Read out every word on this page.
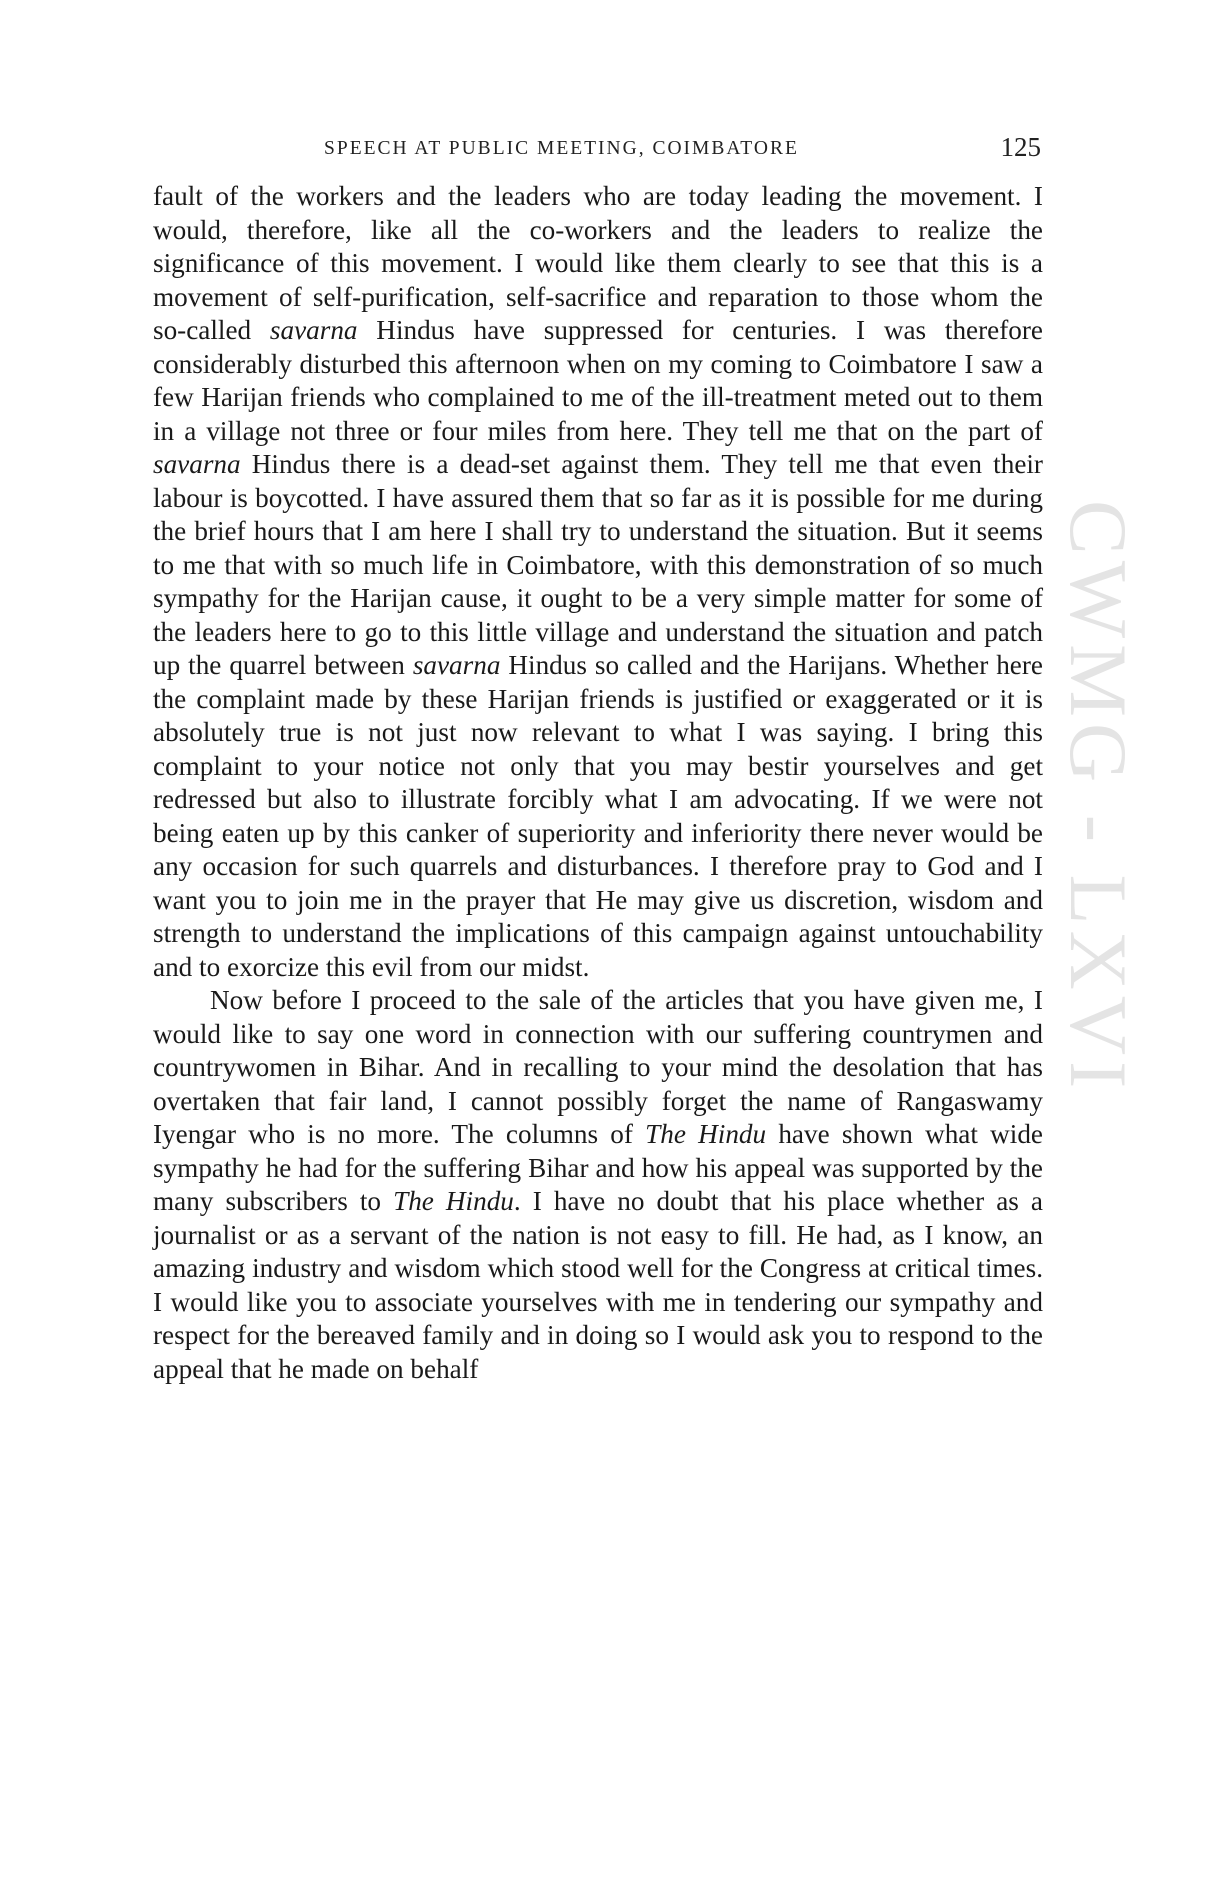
CWMG - LXVI
SPEECH AT PUBLIC MEETING, COIMBATORE	125

fault of the workers and the leaders who are today leading the movement. I would, therefore, like all the co-workers and the leaders to realize the significance of this movement. I would like them clearly to see that this is a movement of self-purification, self-sacrifice and reparation to those whom the so-called savarna Hindus have suppressed for centuries. I was therefore considerably disturbed this afternoon when on my coming to Coimbatore I saw a few Harijan friends who complained to me of the ill-treatment meted out to them in a village not three or four miles from here. They tell me that on the part of savarna Hindus there is a dead-set against them. They tell me that even their labour is boycotted. I have assured them that so far as it is possible for me during the brief hours that I am here I shall try to understand the situation. But it seems to me that with so much life in Coimbatore, with this demonstration of so much sympathy for the Harijan cause, it ought to be a very simple matter for some of the leaders here to go to this little village and understand the situation and patch up the quarrel between savarna Hindus so called and the Harijans. Whether here the complaint made by these Harijan friends is justified or exaggerated or it is absolutely true is not just now relevant to what I was saying. I bring this complaint to your notice not only that you may bestir yourselves and get redressed but also to illustrate forcibly what I am advocating. If we were not being eaten up by this canker of superiority and inferiority there never would be any occasion for such quarrels and disturbances. I therefore pray to God and I want you to join me in the prayer that He may give us discretion, wisdom and strength to understand the implications of this campaign against untouchability and to exorcize this evil from our midst.

Now before I proceed to the sale of the articles that you have given me, I would like to say one word in connection with our suffering countrymen and countrywomen in Bihar. And in recalling to your mind the desolation that has overtaken that fair land, I cannot possibly forget the name of Rangaswamy Iyengar who is no more. The columns of The Hindu have shown what wide sympathy he had for the suffering Bihar and how his appeal was supported by the many subscribers to The Hindu. I have no doubt that his place whether as a journalist or as a servant of the nation is not easy to fill. He had, as I know, an amazing industry and wisdom which stood well for the Congress at critical times. I would like you to associate yourselves with me in tendering our sympathy and respect for the bereaved family and in doing so I would ask you to respond to the appeal that he made on behalf
